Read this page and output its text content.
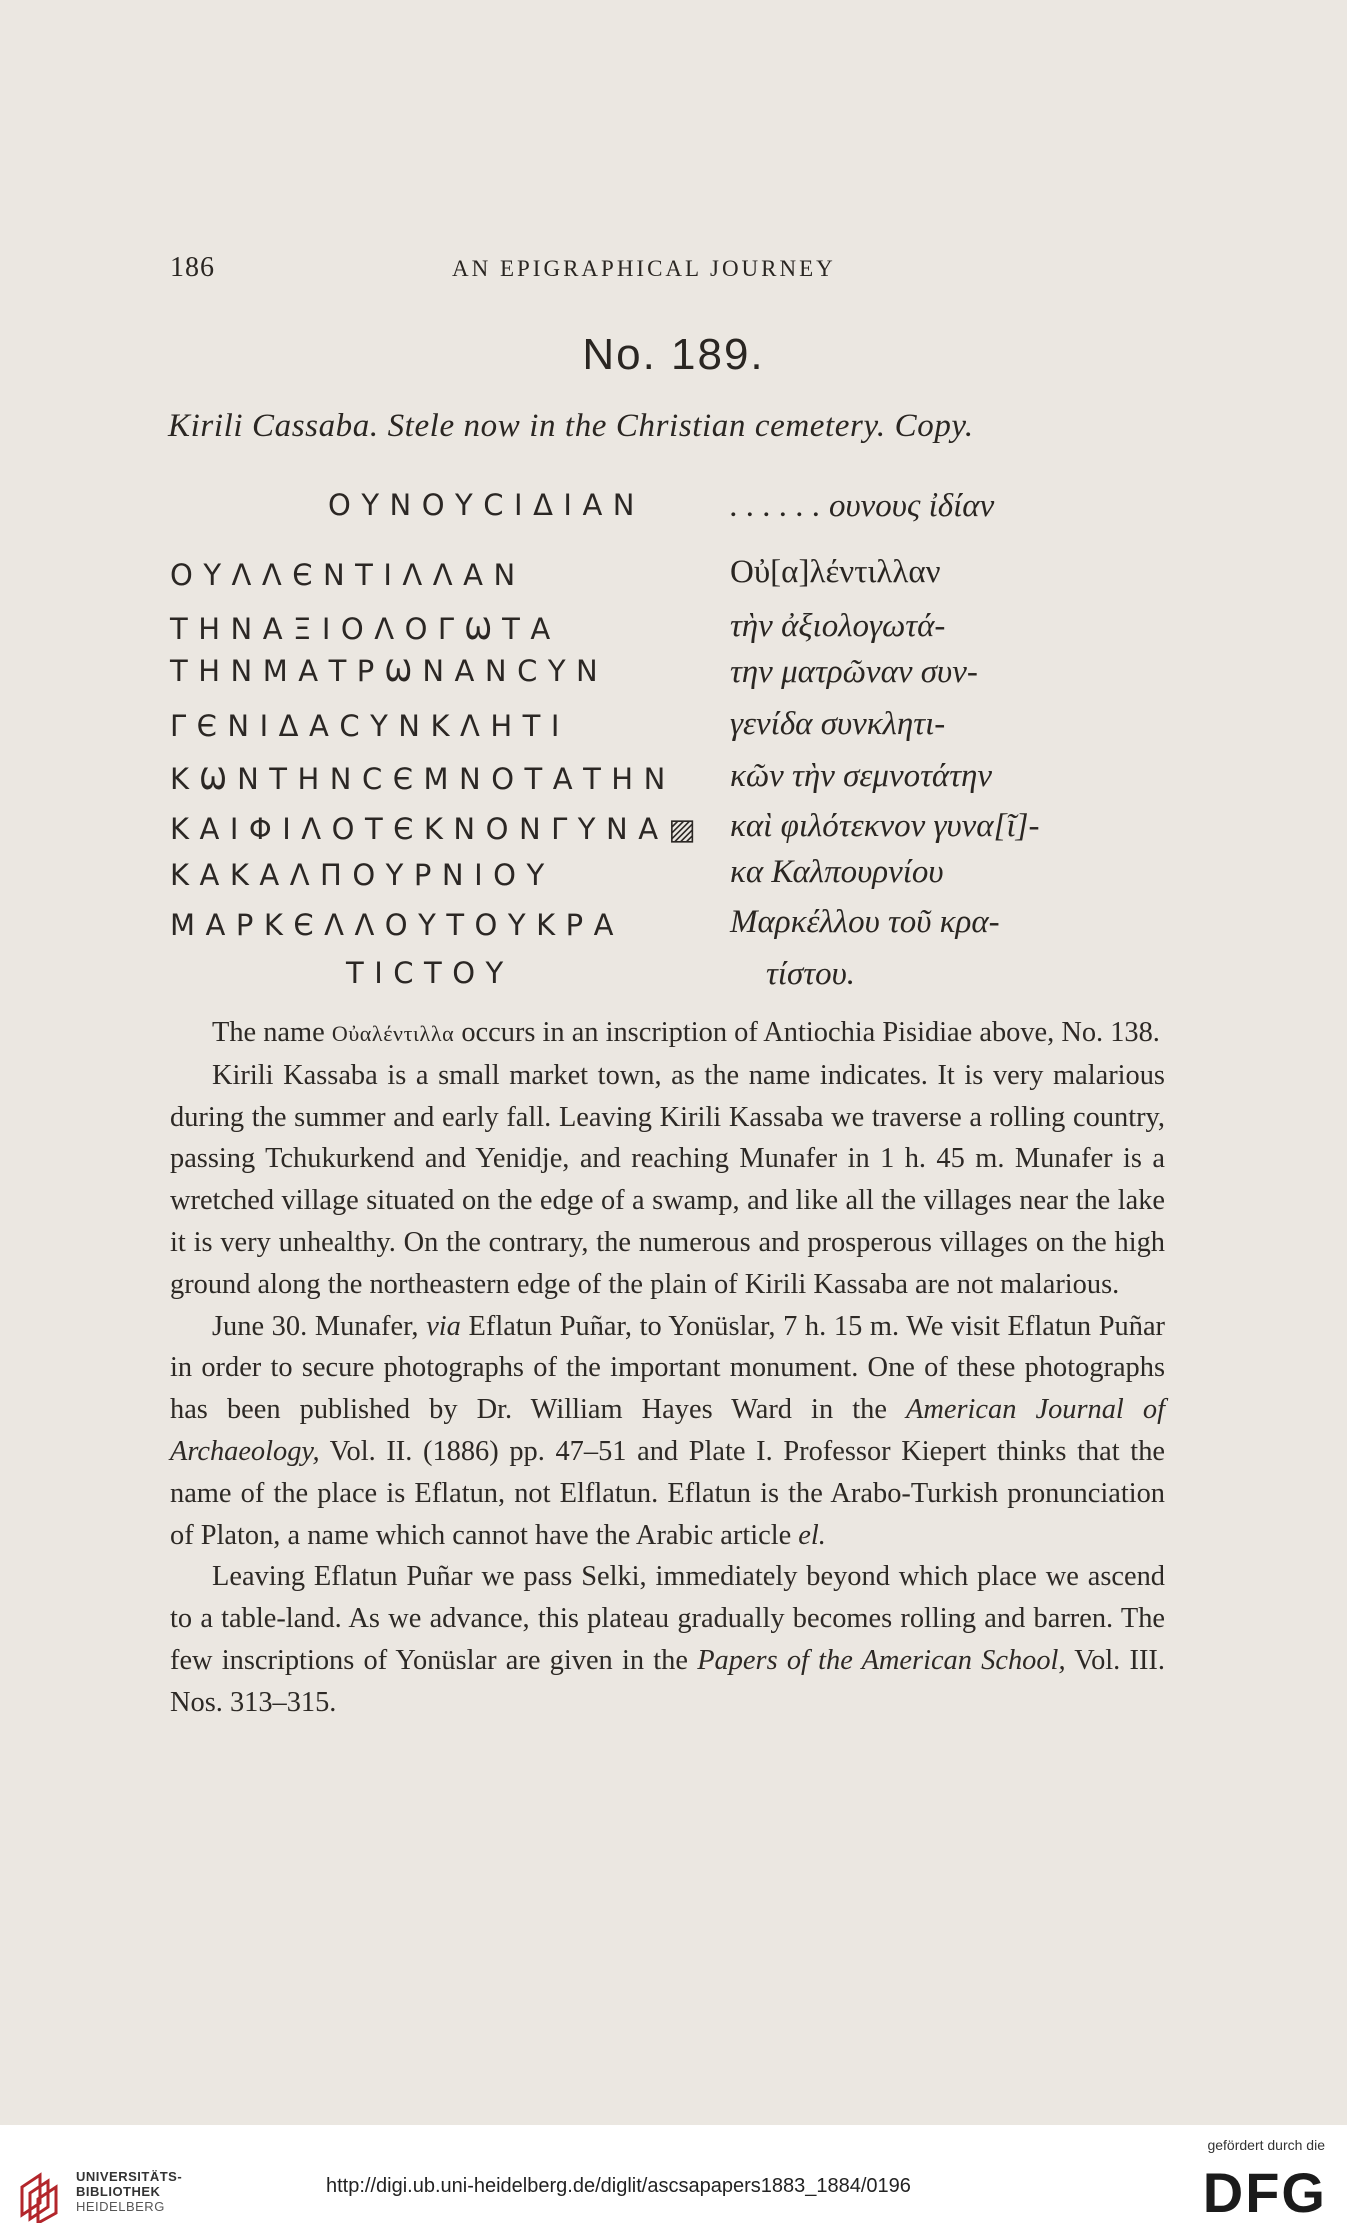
186	AN EPIGRAPHICAL JOURNEY
No. 189.
Kirili Cassaba. Stele now in the Christian cemetery. Copy.
ΟΥΝΟΥϹΙΔΙΑΝ
ΟΥΛΛЄΝΤΙΛΛΑΝ
ΤΗΝΑΞΙΟΛΟΓѠΤΑ
ΤΗΝΜΑΤΡѠΝΑΝϹΥΝ
ΓЄΝΙΔΑϹΥΝΚΛΗΤΙ
ΚѠΝΤΗΝϹЄΜΝΟΤΑΤΗΝ
ΚΑΙΦΙΛΟΤЄΚΝΟΝΓΥΝΑ▨
ΚΑΚΑΛΠΟΥΡΝΙΟΥ
ΜΑΡΚЄΛΛΟΥΤΟΥΚΡΑ
ΤΙϹΤΟΥ
. . . . . . ουνους ἰδίαν
Οὐ[α]λέντιλλαν
τὴν ἀξιολογωτά-
την ματρῶναν συν-
γενίδα συνκλητι-
κῶν τὴν σεμνοτάτην
καὶ φιλότεκνον γυνα[ῖ]-
κα Καλπουρνίου
Μαρκέλλου τοῦ κρα-
τίστου.

The name Οὐαλέντιλλα occurs in an inscription of Antiochia Pisidiae above, No. 138.

Kirili Kassaba is a small market town, as the name indicates. It is very malarious during the summer and early fall. Leaving Kirili Kassaba we traverse a rolling country, passing Tchukurkend and Yenidje, and reaching Munafer in 1 h. 45 m. Munafer is a wretched village situated on the edge of a swamp, and like all the villages near the lake it is very unhealthy. On the contrary, the numerous and prosperous villages on the high ground along the northeastern edge of the plain of Kirili Kassaba are not malarious.

June 30. Munafer, via Eflatun Puñar, to Yonüslar, 7 h. 15 m. We visit Eflatun Puñar in order to secure photographs of the important monument. One of these photographs has been published by Dr. William Hayes Ward in the American Journal of Archaeology, Vol. II. (1886) pp. 47–51 and Plate I. Professor Kiepert thinks that the name of the place is Eflatun, not Elflatun. Eflatun is the Arabo-Turkish pronunciation of Platon, a name which cannot have the Arabic article el.

Leaving Eflatun Puñar we pass Selki, immediately beyond which place we ascend to a table-land. As we advance, this plateau gradually becomes rolling and barren. The few inscriptions of Yonüslar are given in the Papers of the American School, Vol. III. Nos. 313–315.

UNIVERSITÄTS-
BIBLIOTHEK
HEIDELBERG
http://digi.ub.uni-heidelberg.de/diglit/ascsapapers1883_1884/0196
gefördert durch die
DFG
